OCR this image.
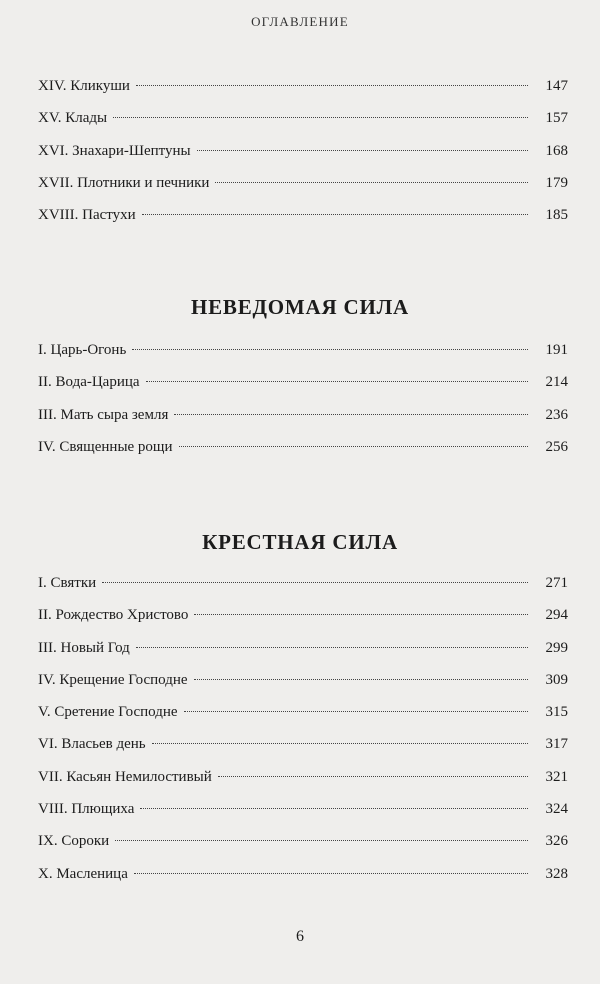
ОГЛАВЛЕНИЕ
XIV. Кликуши	147
XV. Клады	157
XVI. Знахари-Шептуны	168
XVII. Плотники и печники	179
XVIII. Пастухи	185
НЕВЕДОМАЯ СИЛА
I. Царь-Огонь	191
II. Вода-Царица	214
III. Мать сыра земля	236
IV. Священные рощи	256
КРЕСТНАЯ СИЛА
I. Святки	271
II. Рождество Христово	294
III. Новый Год	299
IV. Крещение Господне	309
V. Сретение Господне	315
VI. Власьев день	317
VII. Касьян Немилостивый	321
VIII. Плющиха	324
IX. Сороки	326
X. Масленица	328
6
